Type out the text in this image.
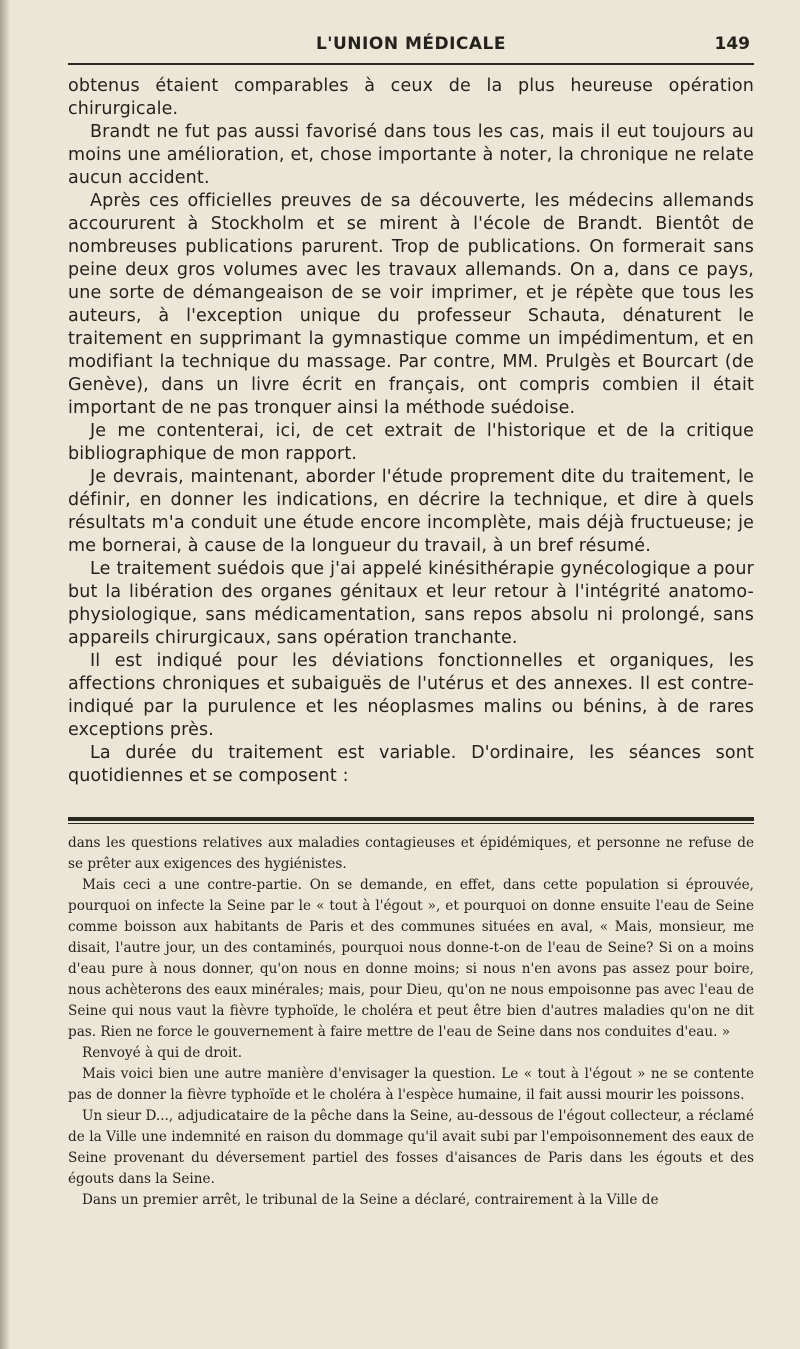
L'UNION MÉDICALE	149

obtenus étaient comparables à ceux de la plus heureuse opération chirurgicale.

Brandt ne fut pas aussi favorisé dans tous les cas, mais il eut toujours au moins une amélioration, et, chose importante à noter, la chronique ne relate aucun accident.

Après ces officielles preuves de sa découverte, les médecins allemands accoururent à Stockholm et se mirent à l'école de Brandt. Bientôt de nombreuses publications parurent. Trop de publications. On formerait sans peine deux gros volumes avec les travaux allemands. On a, dans ce pays, une sorte de démangeaison de se voir imprimer, et je répète que tous les auteurs, à l'exception unique du professeur Schauta, dénaturent le traitement en supprimant la gymnastique comme un impédimentum, et en modifiant la technique du massage. Par contre, MM. Prulgès et Bourcart (de Genève), dans un livre écrit en français, ont compris combien il était important de ne pas tronquer ainsi la méthode suédoise.

Je me contenterai, ici, de cet extrait de l'historique et de la critique bibliographique de mon rapport.

Je devrais, maintenant, aborder l'étude proprement dite du traitement, le définir, en donner les indications, en décrire la technique, et dire à quels résultats m'a conduit une étude encore incomplète, mais déjà fructueuse; je me bornerai, à cause de la longueur du travail, à un bref résumé.

Le traitement suédois que j'ai appelé kinésithérapie gynécologique a pour but la libération des organes génitaux et leur retour à l'intégrité anatomo-physiologique, sans médicamentation, sans repos absolu ni prolongé, sans appareils chirurgicaux, sans opération tranchante.

Il est indiqué pour les déviations fonctionnelles et organiques, les affections chroniques et subaiguës de l'utérus et des annexes. Il est contre-indiqué par la purulence et les néoplasmes malins ou bénins, à de rares exceptions près.

La durée du traitement est variable. D'ordinaire, les séances sont quotidiennes et se composent :

dans les questions relatives aux maladies contagieuses et épidémiques, et personne ne refuse de se prêter aux exigences des hygiénistes.

Mais ceci a une contre-partie. On se demande, en effet, dans cette population si éprouvée, pourquoi on infecte la Seine par le « tout à l'égout », et pourquoi on donne ensuite l'eau de Seine comme boisson aux habitants de Paris et des communes situées en aval, « Mais, monsieur, me disait, l'autre jour, un des contaminés, pourquoi nous donne-t-on de l'eau de Seine? Si on a moins d'eau pure à nous donner, qu'on nous en donne moins; si nous n'en avons pas assez pour boire, nous achèterons des eaux minérales; mais, pour Dieu, qu'on ne nous empoisonne pas avec l'eau de Seine qui nous vaut la fièvre typhoïde, le choléra et peut être bien d'autres maladies qu'on ne dit pas. Rien ne force le gouvernement à faire mettre de l'eau de Seine dans nos conduites d'eau. »

Renvoyé à qui de droit.

Mais voici bien une autre manière d'envisager la question. Le « tout à l'égout » ne se contente pas de donner la fièvre typhoïde et le choléra à l'espèce humaine, il fait aussi mourir les poissons.

Un sieur D..., adjudicataire de la pêche dans la Seine, au-dessous de l'égout collecteur, a réclamé de la Ville une indemnité en raison du dommage qu'il avait subi par l'empoisonnement des eaux de Seine provenant du déversement partiel des fosses d'aisances de Paris dans les égouts et des égouts dans la Seine.

Dans un premier arrêt, le tribunal de la Seine a déclaré, contrairement à la Ville de
